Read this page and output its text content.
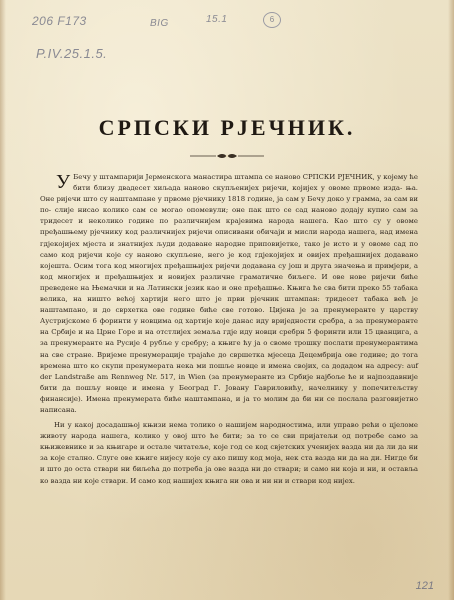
206 F173
P.IV.25.1.5.
BIG	15.1	6
СРПСКИ РЈЕЧНИК.

У Бечу у штампарији Јерменскога манастира штампа се наново СРПСКИ РЈЕЧНИК, у којему ће бити близу двадесет хиљада наново скупљенијех ријечи, којијех у овоме првоме изда- ња. Оне ријечи што су наштампане у првоме рјечнику 1818 године, ја сам у Бечу доко у грамма, за сам ви по- слије нисао колико сам се могао опомевули; оне пак што се сад наново додају купио сам за тридесет и неколико године по различнијем крајевима народа нашега. Као што су у овоме пређашњему рјечнику код различнијех ријечи описивани обичаји и мисли народа нашега, над имена гдјекојијех мјеста и знатнијех људи додаване народне приповијетке, тако је исто и у овоме сад по само код ријечи које су наново скупљене, него је код гдјекојијех и овијех пређашнијех додавано којешта. Осим тога код многијех пређашњијех ријечи додавана су још и друга значења и примјери, а код многијех и пређашњијех и новијех различне граматичне биљеге. И ове нове ријечи биће преведене на Њемачки и на Латински језик као и оне пређашње. Књига ће сва бити преко 55 табака велика, на ништо већој хартији него што је први рјечник штампан: тридесет табака већ је наштампано, и до сврхетка ове године биће све готово. Цијена је за пренумеранте у царству Аустријскоме 6 форинти у новцима од хартије које данас иду вриједности сребра, а за пренумеранте на Србије и на Црне Горе и на отстлијех земаља гдје иду новци сребрн 5 форинти или 15 цванцига, а за пренумеранте на Русије 4 рубље у сребру; а књиге ћу ја о своме трошку послати пренумерантима на све стране. Вријеме пренумерације трајаће до свршетка мјесеца Децембрија ове године; до тога времена што ко скупи пренумерата нека ми пошље новце и имена својих, са додадом на адресу: auf der Landstraße am Rennweg Nr. 517, in Wien (за пренумеранте из Србије најбоље ће и најпоздавније бити да пошљу новце и имена у Београд Г. Јовану Гавриловићу, начелнику у попечитељству финансије). Имена пренумерата биће наштампана, и ја то молим да би ни се послала разговијетно написана.

Ни у какој досадашњој књизи нема толико о нашијем народностима, или управо рећи о цјеломе животу народа нашега, колико у овој што ће бити; за то се сви пријатељи од потребе само за књижевнике и за књигаре и остале читатеље, које год се код свјетских ученијех вазда ни да ли да ни за које стално. Слуге ове књиге нијесу које су ако пишу код моја, нек ста вазда ни да на ди. Нигде би и што до оста ствари ни биљећа до потреба ја ове вазда ни до ствари; и само ни која и ни, и оставља ко вазда ни које ствари. И само код нашијех књига ни ова и ни ни и ствари код нијех.

121
